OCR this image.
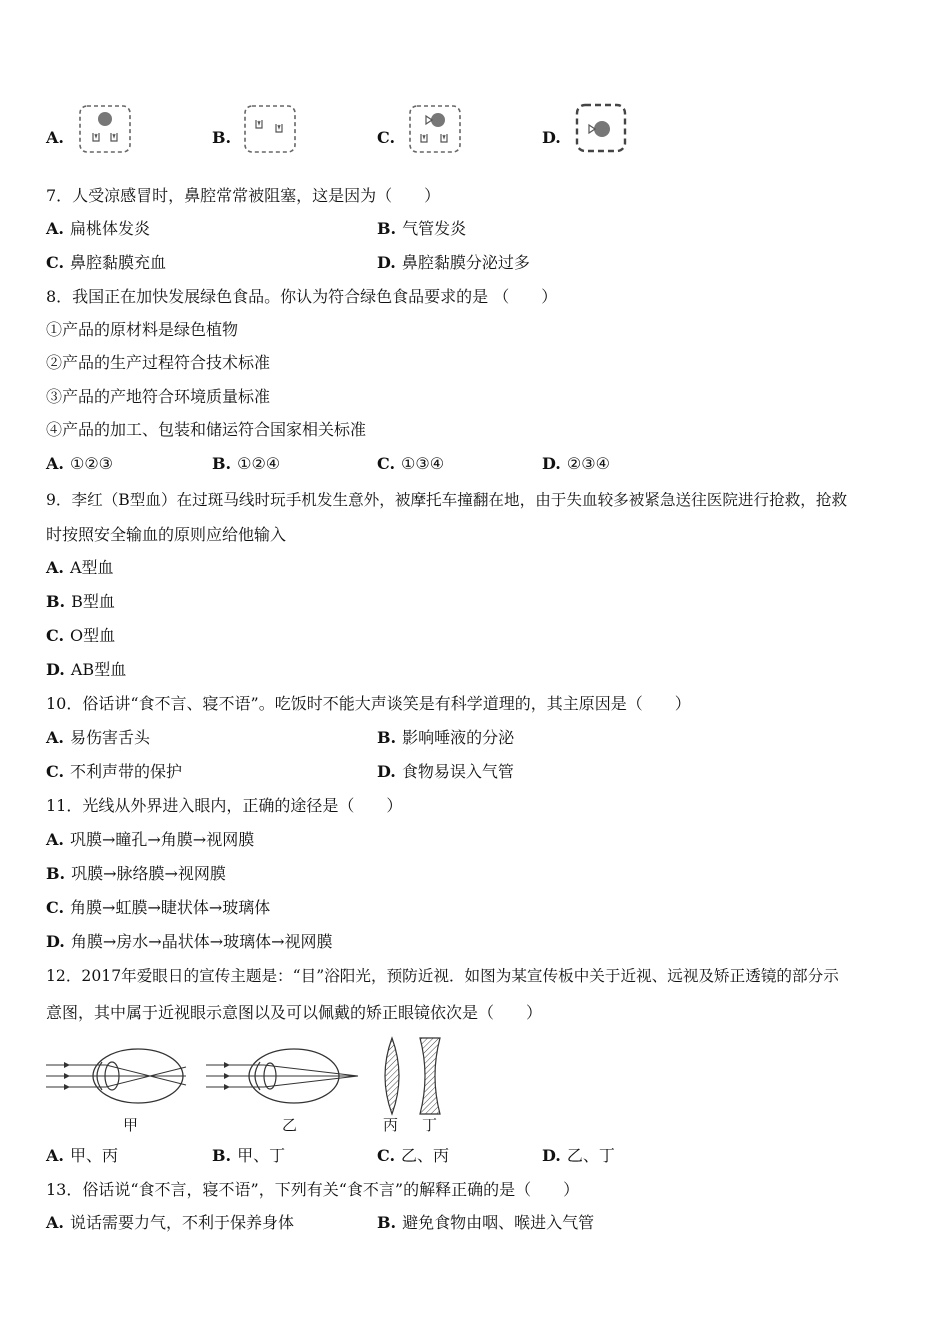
A.	B.	C.	D.
7．人受凉感冒时，鼻腔常常被阻塞，这是因为（　　）
A. 扁桃体发炎	B. 气管发炎
C. 鼻腔黏膜充血	D. 鼻腔黏膜分泌过多
8．我国正在加快发展绿色食品。你认为符合绿色食品要求的是 （　　）
①产品的原材料是绿色植物
②产品的生产过程符合技术标准
③产品的产地符合环境质量标准
④产品的加工、包装和储运符合国家相关标准
A. ①②③	B. ①②④	C. ①③④	D. ②③④
9．李红（B型血）在过斑马线时玩手机发生意外，被摩托车撞翻在地，由于失血较多被紧急送往医院进行抢救，抢救
时按照安全输血的原则应给他输入
A. A型血
B. B型血
C. O型血
D. AB型血
10．俗话讲“食不言、寝不语”。吃饭时不能大声谈笑是有科学道理的，其主原因是（　　）
A. 易伤害舌头	B. 影响唾液的分泌
C. 不利声带的保护	D. 食物易误入气管
11．光线从外界进入眼内，正确的途径是（　　）
A. 巩膜→瞳孔→角膜→视网膜
B. 巩膜→脉络膜→视网膜
C. 角膜→虹膜→睫状体→玻璃体
D. 角膜→房水→晶状体→玻璃体→视网膜
12．2017年爱眼日的宣传主题是：“目”浴阳光，预防近视．如图为某宣传板中关于近视、远视及矫正透镜的部分示
意图，其中属于近视眼示意图以及可以佩戴的矫正眼镜依次是（　　）
甲	乙	丙 丁
A. 甲、丙	B. 甲、丁	C. 乙、丙	D. 乙、丁
13．俗话说“食不言，寝不语”，下列有关“食不言”的解释正确的是（　　）
A. 说话需要力气，不利于保养身体	B. 避免食物由咽、喉进入气管
